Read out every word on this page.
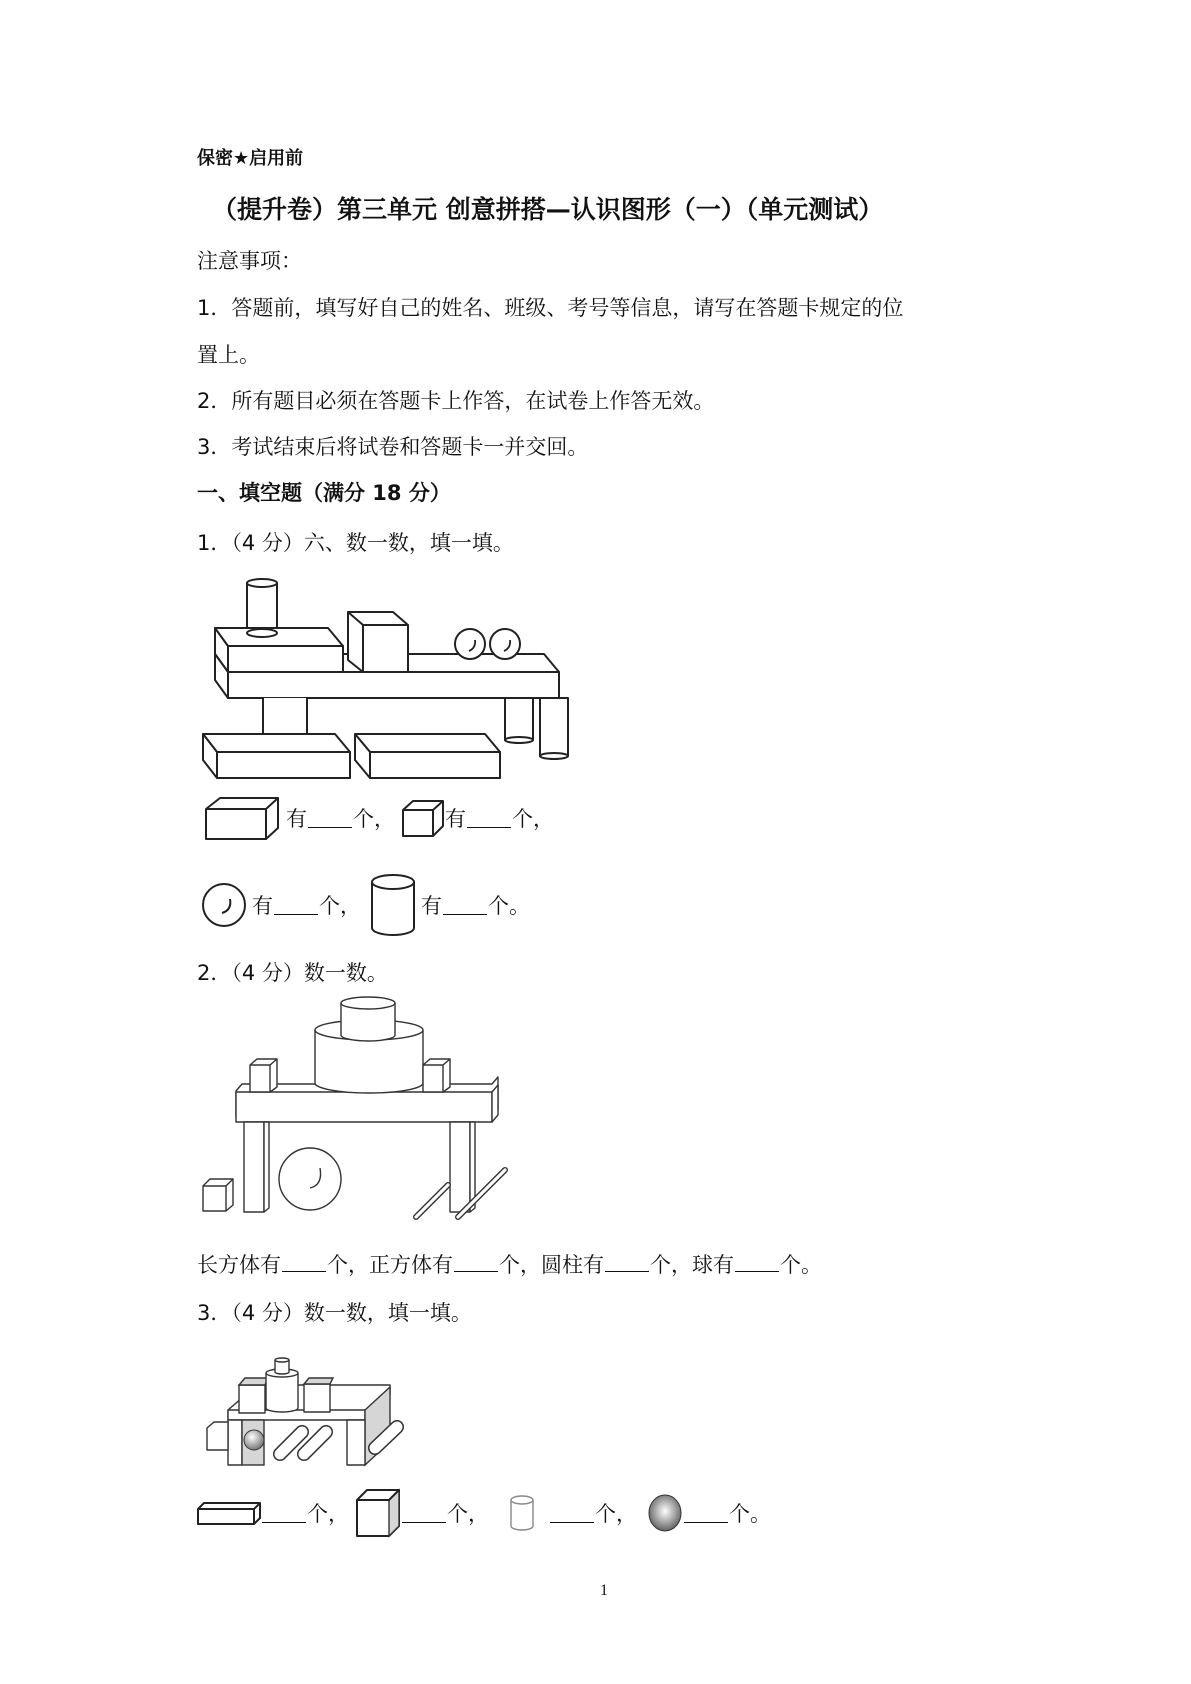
保密★启用前
（提升卷）第三单元 创意拼搭—认识图形（一）（单元测试）
注意事项：
1．答题前，填写好自己的姓名、班级、考号等信息，请写在答题卡规定的位
置上。
2．所有题目必须在答题卡上作答，在试卷上作答无效。
3．考试结束后将试卷和答题卡一并交回。
一、填空题（满分 18 分）
1．（4 分）六、数一数，填一填。
有 个， 有 个，
有 个，	有 个。
2．（4 分）数一数。
长方体有 个，正方体有 个，圆柱有 个，球有 个。
3．（4 分）数一数，填一填。
个，	个，	个，	个。
1
